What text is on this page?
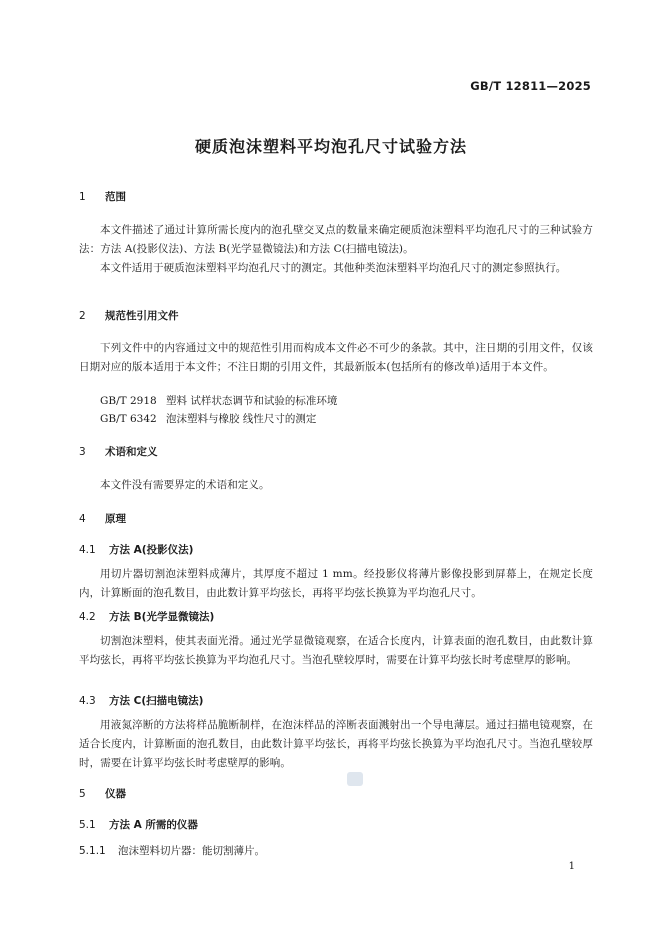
GB/T 12811—2025
硬质泡沫塑料平均泡孔尺寸试验方法
1 范围
本文件描述了通过计算所需长度内的泡孔壁交叉点的数量来确定硬质泡沫塑料平均泡孔尺寸的三种试验方法：方法 A(投影仪法)、方法 B(光学显微镜法)和方法 C(扫描电镜法)。
本文件适用于硬质泡沫塑料平均泡孔尺寸的测定。其他种类泡沫塑料平均泡孔尺寸的测定参照执行。
2 规范性引用文件
下列文件中的内容通过文中的规范性引用而构成本文件必不可少的条款。其中，注日期的引用文件，仅该日期对应的版本适用于本文件；不注日期的引用文件，其最新版本(包括所有的修改单)适用于本文件。
GB/T 2918 塑料 试样状态调节和试验的标准环境
GB/T 6342 泡沫塑料与橡胶 线性尺寸的测定
3 术语和定义
本文件没有需要界定的术语和定义。
4 原理
4.1 方法 A(投影仪法)
用切片器切割泡沫塑料成薄片，其厚度不超过 1 mm。经投影仪将薄片影像投影到屏幕上，在规定长度内，计算断面的泡孔数目，由此数计算平均弦长，再将平均弦长换算为平均泡孔尺寸。
4.2 方法 B(光学显微镜法)
切割泡沫塑料，使其表面光滑。通过光学显微镜观察，在适合长度内，计算表面的泡孔数目，由此数计算平均弦长，再将平均弦长换算为平均泡孔尺寸。当泡孔壁较厚时，需要在计算平均弦长时考虑壁厚的影响。
4.3 方法 C(扫描电镜法)
用液氮淬断的方法将样品脆断制样，在泡沫样品的淬断表面溅射出一个导电薄层。通过扫描电镜观察，在适合长度内，计算断面的泡孔数目，由此数计算平均弦长，再将平均弦长换算为平均泡孔尺寸。当泡孔壁较厚时，需要在计算平均弦长时考虑壁厚的影响。
5 仪器
5.1 方法 A 所需的仪器
5.1.1 泡沫塑料切片器：能切割薄片。
1
